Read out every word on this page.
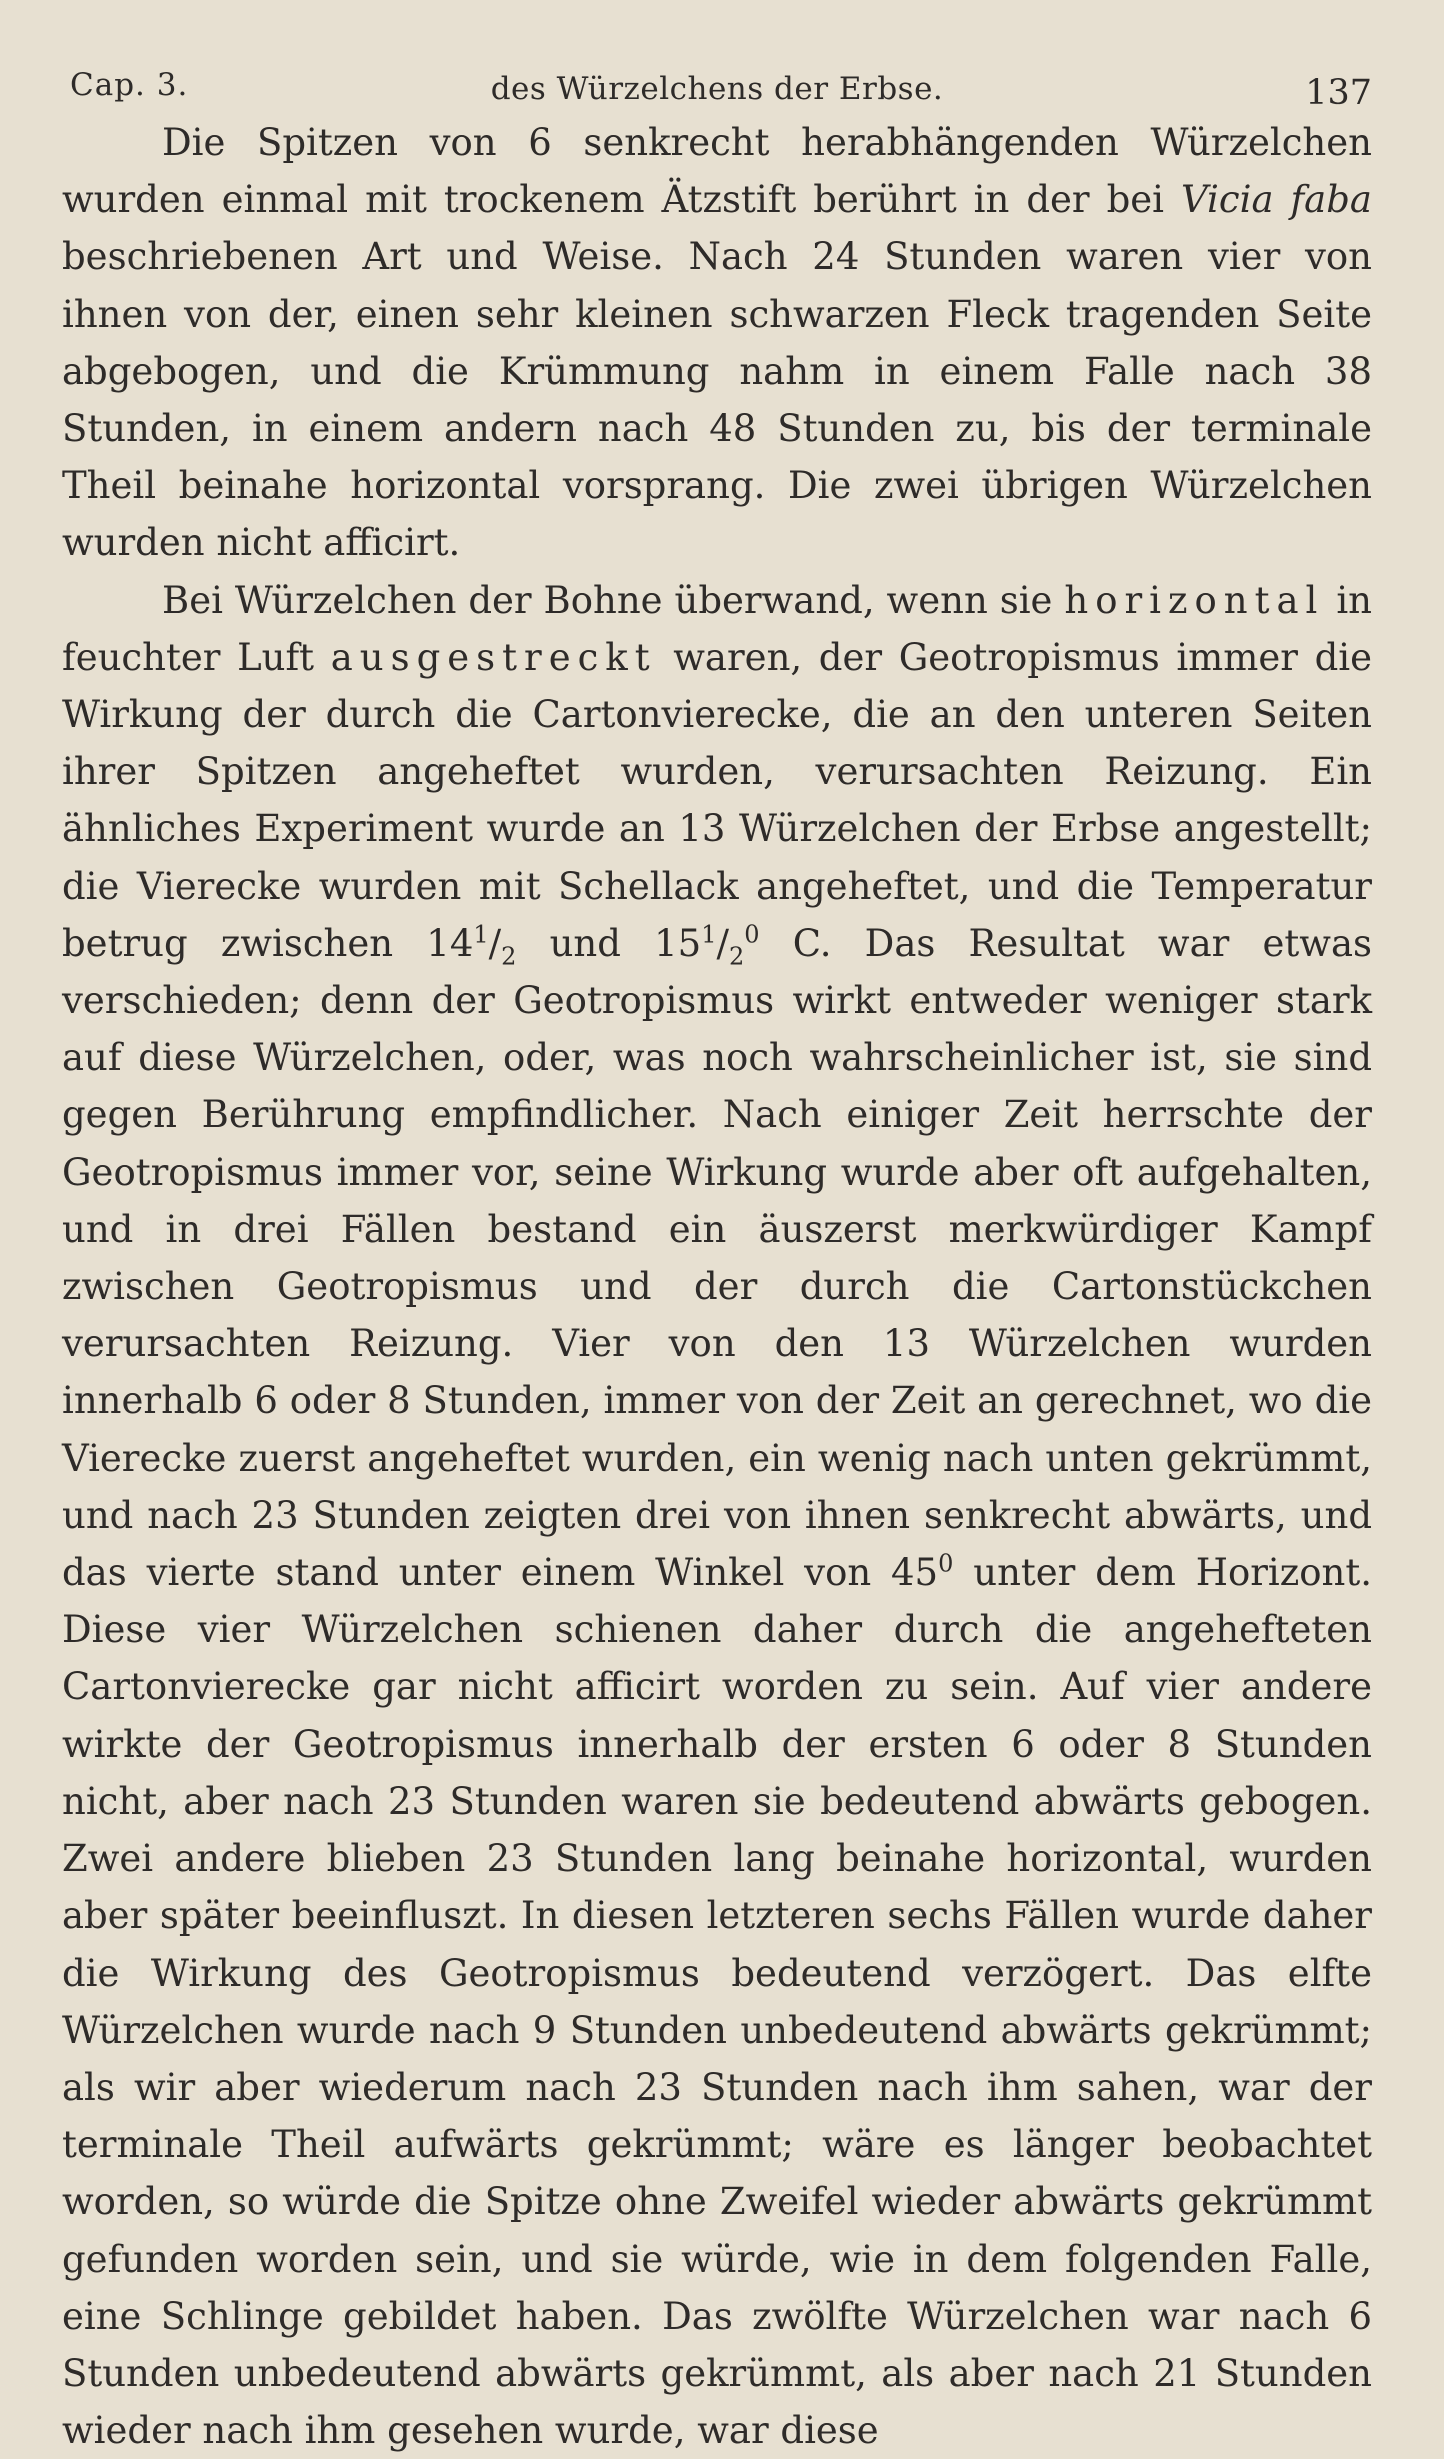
Cap. 3.	des Würzelchens der Erbse.	137

Die Spitzen von 6 senkrecht herabhängenden Würzelchen wurden einmal mit trockenem Ätzstift berührt in der bei Vicia faba beschriebenen Art und Weise. Nach 24 Stunden waren vier von ihnen von der, einen sehr kleinen schwarzen Fleck tragenden Seite abgebogen, und die Krümmung nahm in einem Falle nach 38 Stunden, in einem andern nach 48 Stunden zu, bis der terminale Theil beinahe horizontal vorsprang. Die zwei übrigen Würzelchen wurden nicht afficirt.

Bei Würzelchen der Bohne überwand, wenn sie horizontal in feuchter Luft ausgestreckt waren, der Geotropismus immer die Wirkung der durch die Cartonvierecke, die an den unteren Seiten ihrer Spitzen angeheftet wurden, verursachten Reizung. Ein ähnliches Experiment wurde an 13 Würzelchen der Erbse angestellt; die Vierecke wurden mit Schellack angeheftet, und die Temperatur betrug zwischen $14^1/_2$ und $15^1/_2^0$ C. Das Resultat war etwas verschieden; denn der Geotropismus wirkt entweder weniger stark auf diese Würzelchen, oder, was noch wahrscheinlicher ist, sie sind gegen Berührung empfindlicher. Nach einiger Zeit herrschte der Geotropismus immer vor, seine Wirkung wurde aber oft aufgehalten, und in drei Fällen bestand ein äuszerst merkwürdiger Kampf zwischen Geotropismus und der durch die Cartonstückchen verursachten Reizung. Vier von den 13 Würzelchen wurden innerhalb 6 oder 8 Stunden, immer von der Zeit an gerechnet, wo die Vierecke zuerst angeheftet wurden, ein wenig nach unten gekrümmt, und nach 23 Stunden zeigten drei von ihnen senkrecht abwärts, und das vierte stand unter einem Winkel von $45^0$ unter dem Horizont. Diese vier Würzelchen schienen daher durch die angehefteten Cartonvierecke gar nicht afficirt worden zu sein. Auf vier andere wirkte der Geotropismus innerhalb der ersten 6 oder 8 Stunden nicht, aber nach 23 Stunden waren sie bedeutend abwärts gebogen. Zwei andere blieben 23 Stunden lang beinahe horizontal, wurden aber später beeinfluszt. In diesen letzteren sechs Fällen wurde daher die Wirkung des Geotropismus bedeutend verzögert. Das elfte Würzelchen wurde nach 9 Stunden unbedeutend abwärts gekrümmt; als wir aber wiederum nach 23 Stunden nach ihm sahen, war der terminale Theil aufwärts gekrümmt; wäre es länger beobachtet worden, so würde die Spitze ohne Zweifel wieder abwärts gekrümmt gefunden worden sein, und sie würde, wie in dem folgenden Falle, eine Schlinge gebildet haben. Das zwölfte Würzelchen war nach 6 Stunden unbedeutend abwärts gekrümmt, als aber nach 21 Stunden wieder nach ihm gesehen wurde, war diese
